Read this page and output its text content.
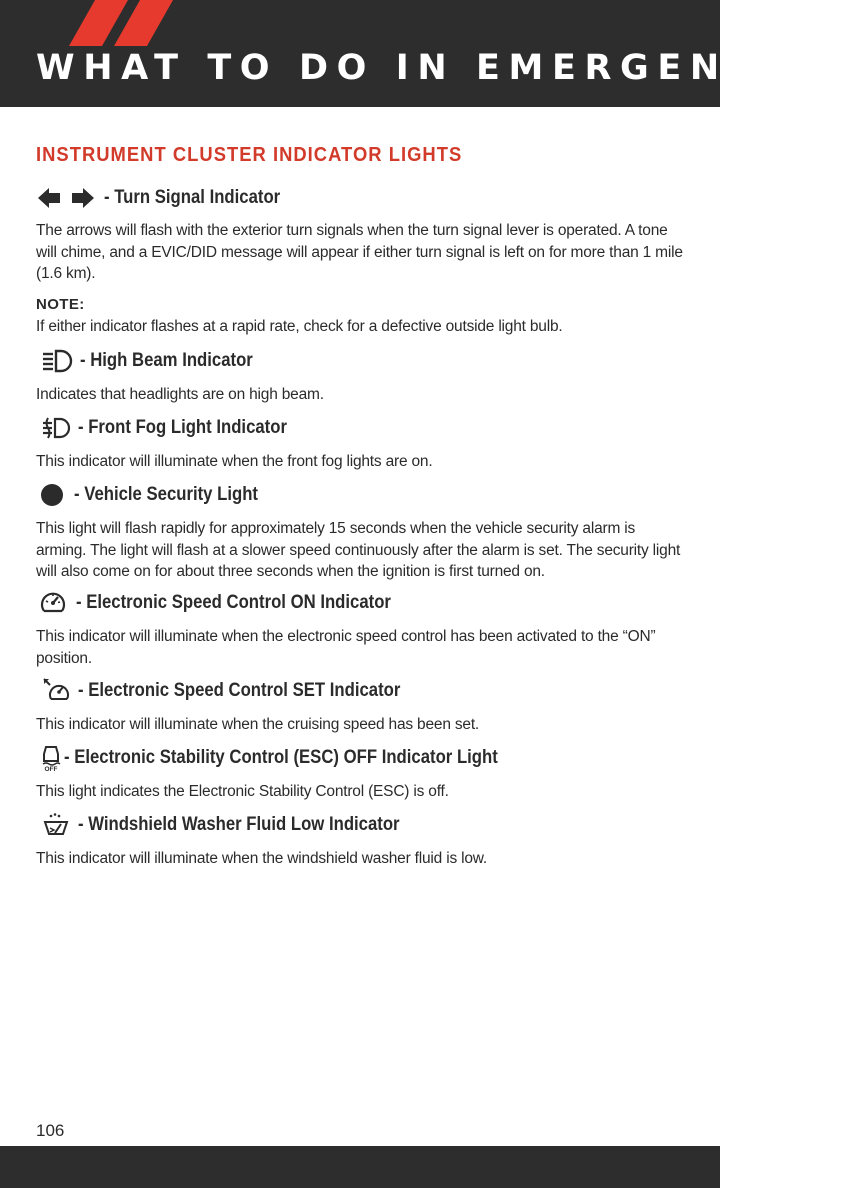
WHAT TO DO IN EMERGENCIES
INSTRUMENT CLUSTER INDICATOR LIGHTS
- Turn Signal Indicator
The arrows will flash with the exterior turn signals when the turn signal lever is operated. A tone will chime, and a EVIC/DID message will appear if either turn signal is left on for more than 1 mile (1.6 km).
NOTE:
If either indicator flashes at a rapid rate, check for a defective outside light bulb.
- High Beam Indicator
Indicates that headlights are on high beam.
- Front Fog Light Indicator
This indicator will illuminate when the front fog lights are on.
- Vehicle Security Light
This light will flash rapidly for approximately 15 seconds when the vehicle security alarm is arming. The light will flash at a slower speed continuously after the alarm is set. The security light will also come on for about three seconds when the ignition is first turned on.
- Electronic Speed Control ON Indicator
This indicator will illuminate when the electronic speed control has been activated to the “ON” position.
- Electronic Speed Control SET Indicator
This indicator will illuminate when the cruising speed has been set.
OFF
- Electronic Stability Control (ESC) OFF Indicator Light
This light indicates the Electronic Stability Control (ESC) is off.
- Windshield Washer Fluid Low Indicator
This indicator will illuminate when the windshield washer fluid is low.
106
